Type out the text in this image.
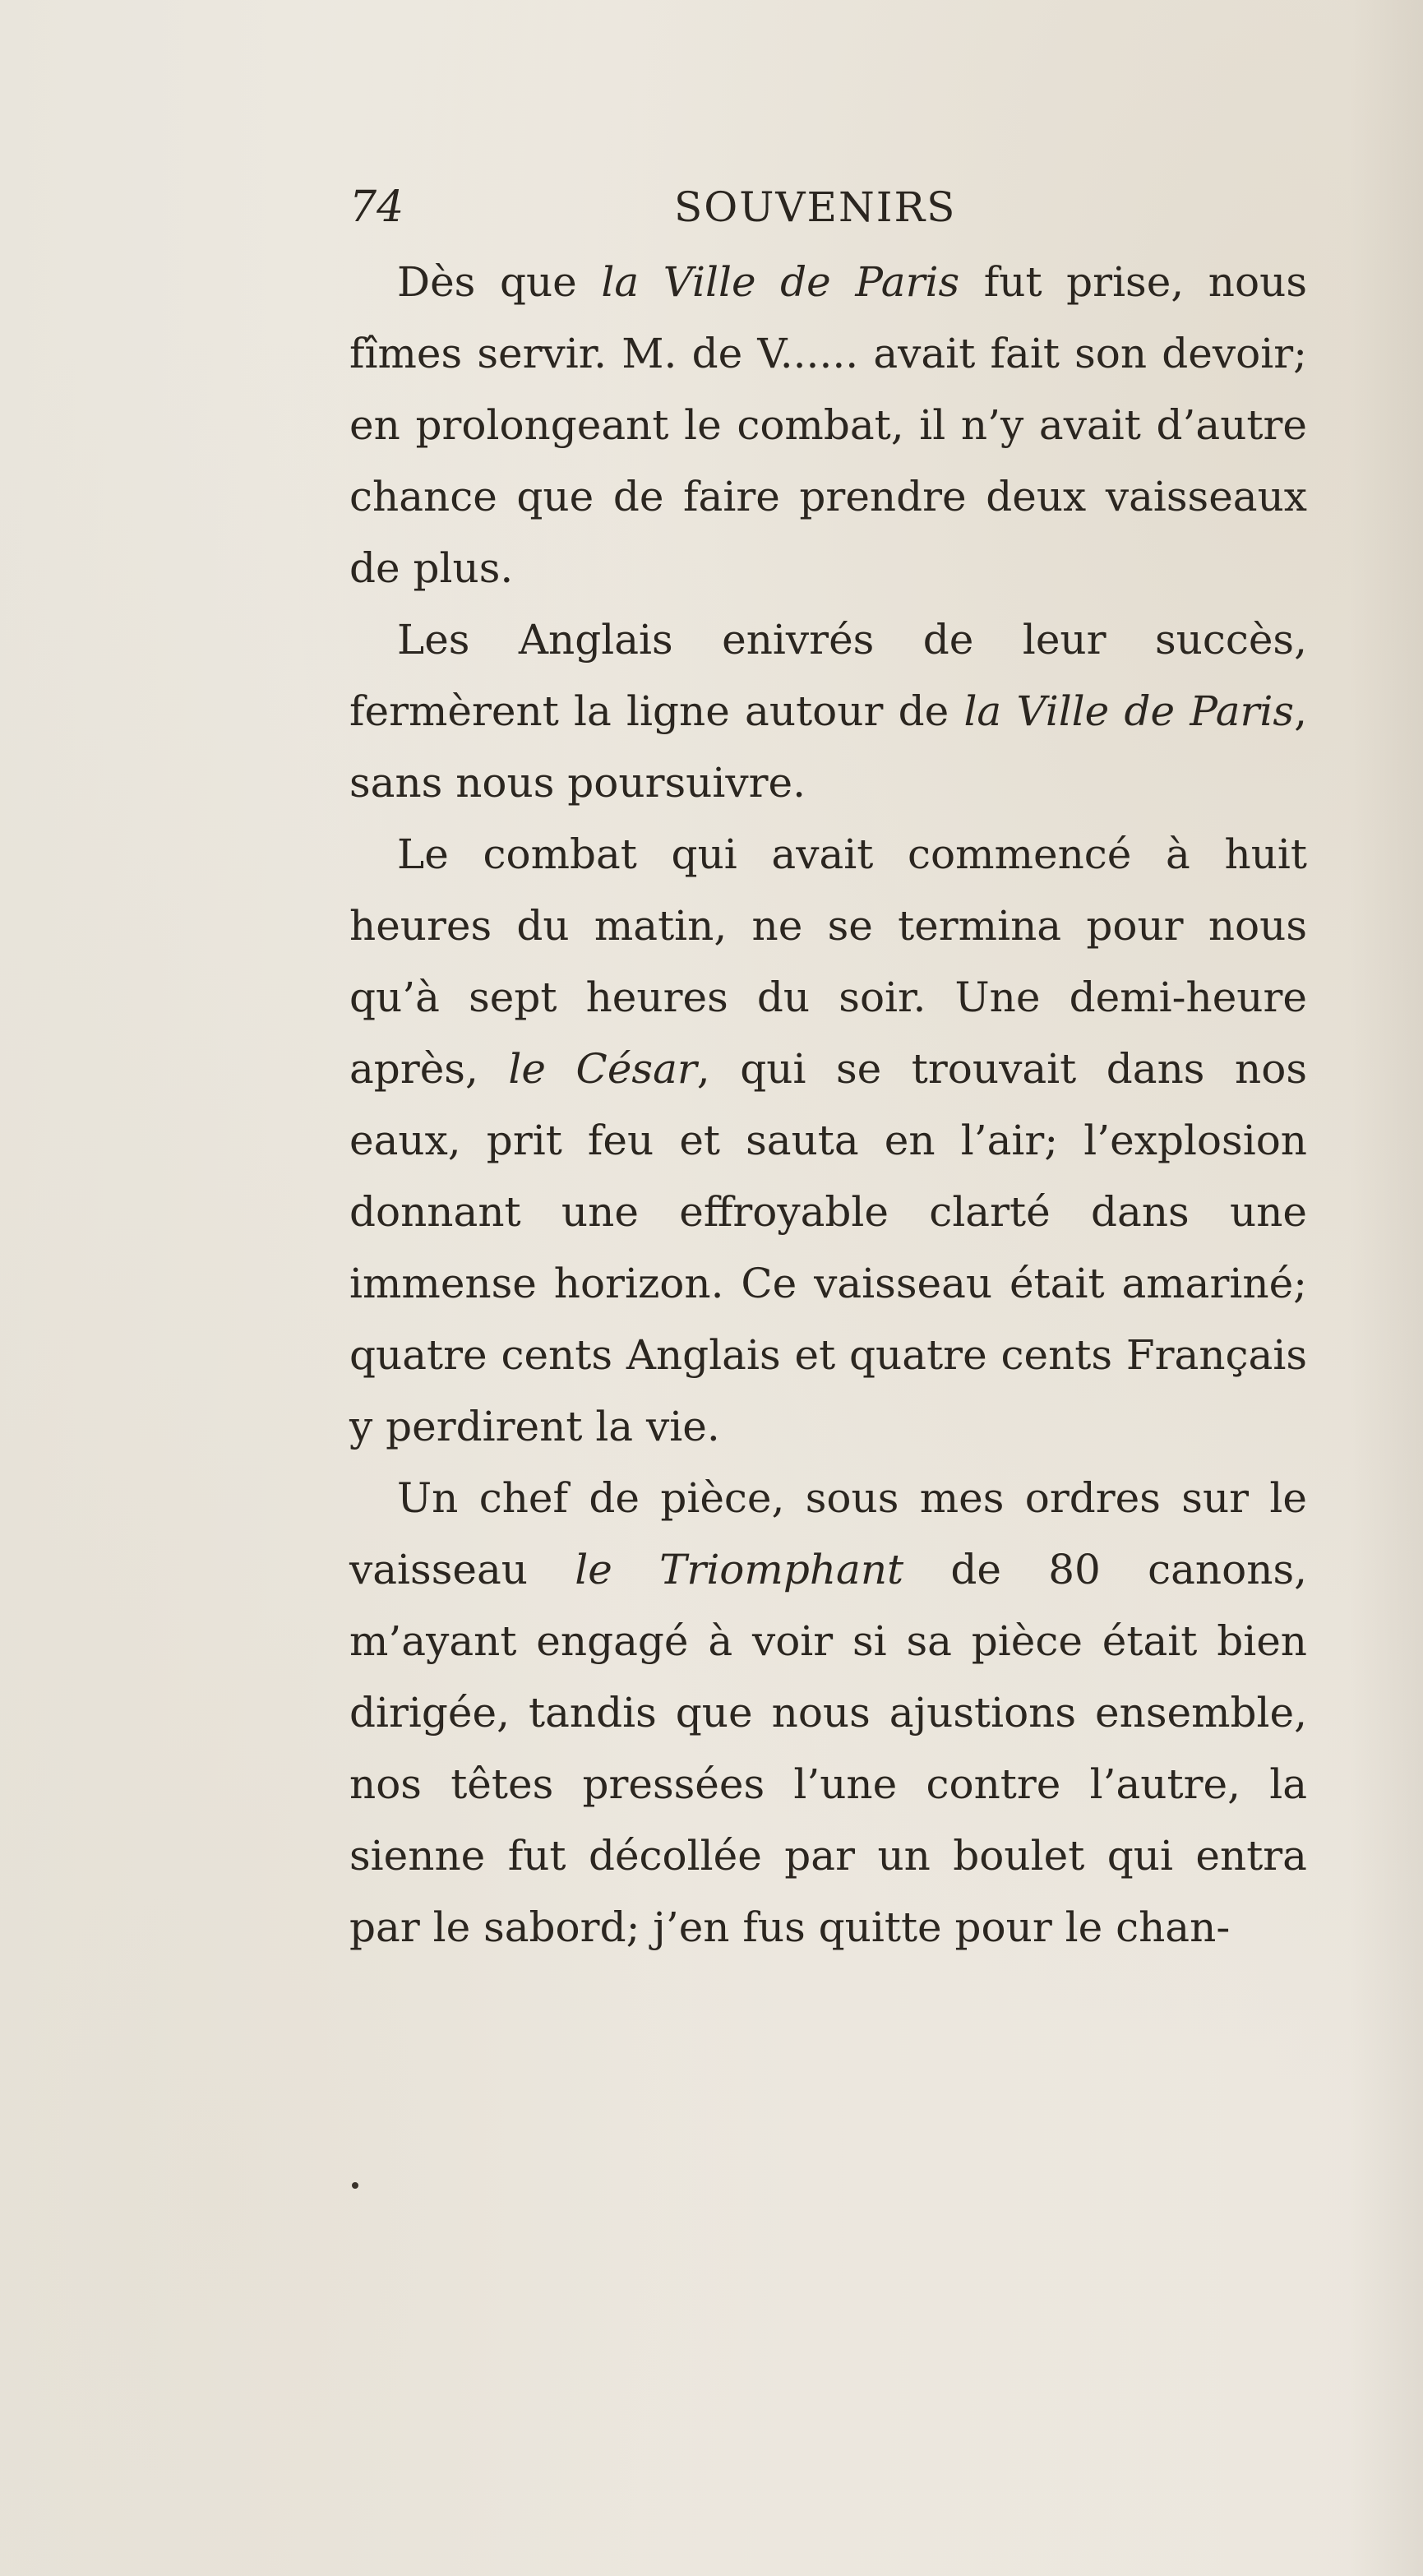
74	SOUVENIRS

Dès que la Ville de Paris fut prise, nous fîmes servir. M. de V...... avait fait son devoir; en prolongeant le combat, il n’y avait d’autre chance que de faire prendre deux vaisseaux de plus.

Les Anglais enivrés de leur succès, fermèrent la ligne autour de la Ville de Paris, sans nous poursuivre.

Le combat qui avait commencé à huit heures du matin, ne se termina pour nous qu’à sept heures du soir. Une demi-heure après, le César, qui se trouvait dans nos eaux, prit feu et sauta en l’air; l’explosion donnant une effroyable clarté dans une immense horizon. Ce vaisseau était amariné; quatre cents Anglais et quatre cents Français y perdirent la vie.

Un chef de pièce, sous mes ordres sur le vaisseau le Triomphant de 80 canons, m’ayant engagé à voir si sa pièce était bien dirigée, tandis que nous ajustions ensemble, nos têtes pressées l’une contre l’autre, la sienne fut décollée par un boulet qui entra par le sabord; j’en fus quitte pour le chan-
